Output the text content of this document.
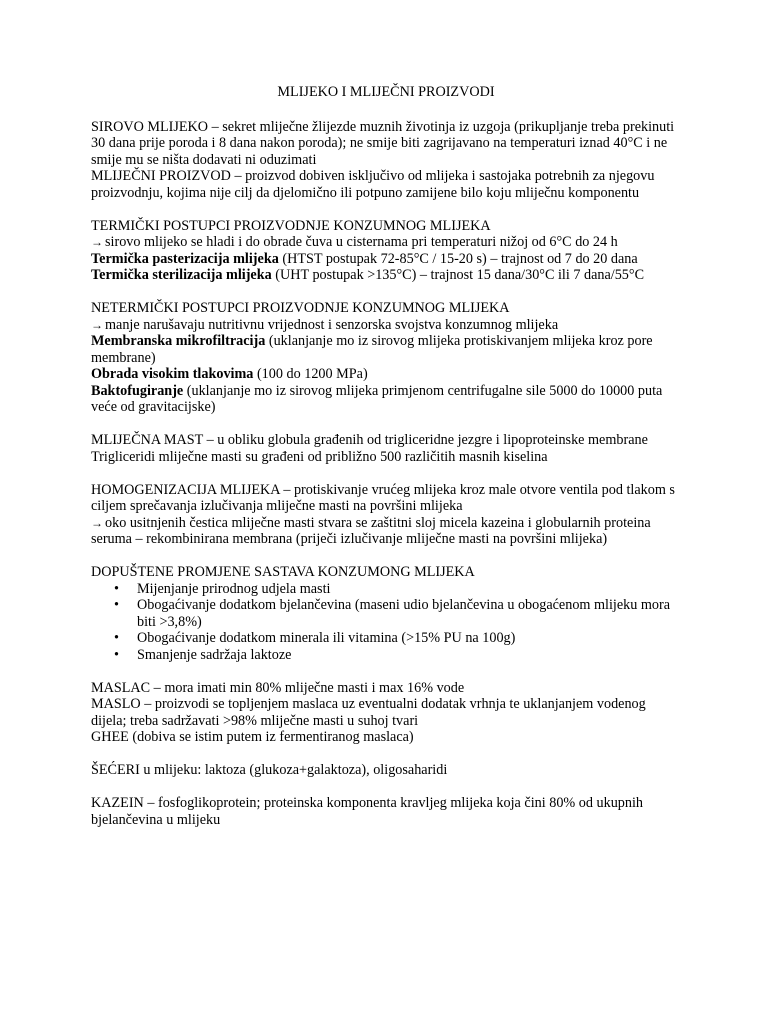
MLIJEKO I MLIJEČNI PROIZVODI

SIROVO MLIJEKO – sekret mliječne žlijezde muznih životinja iz uzgoja (prikupljanje treba prekinuti 30 dana prije poroda i 8 dana nakon poroda); ne smije biti zagrijavano na temperaturi iznad 40°C i ne smije mu se ništa dodavati ni oduzimati

MLIJEČNI PROIZVOD – proizvod dobiven isključivo od mlijeka i sastojaka potrebnih za njegovu proizvodnju, kojima nije cilj da djelomično ili potpuno zamijene bilo koju mliječnu komponentu

TERMIČKI POSTUPCI PROIZVODNJE KONZUMNOG MLIJEKA

→ sirovo mlijeko se hladi i do obrade čuva u cisternama pri temperaturi nižoj od 6°C do 24 h

Termička pasterizacija mlijeka (HTST postupak 72-85°C / 15-20 s) – trajnost od 7 do 20 dana

Termička sterilizacija mlijeka (UHT postupak >135°C) – trajnost 15 dana/30°C ili 7 dana/55°C

NETERMIČKI POSTUPCI PROIZVODNJE KONZUMNOG MLIJEKA

→ manje narušavaju nutritivnu vrijednost i senzorska svojstva konzumnog mlijeka

Membranska mikrofiltracija (uklanjanje mo iz sirovog mlijeka protiskivanjem mlijeka kroz pore membrane)

Obrada visokim tlakovima (100 do 1200 MPa)

Baktofugiranje (uklanjanje mo iz sirovog mlijeka primjenom centrifugalne sile 5000 do 10000 puta veće od gravitacijske)

MLIJEČNA MAST – u obliku globula građenih od trigliceridne jezgre i lipoproteinske membrane

Trigliceridi mliječne masti su građeni od približno 500 različitih masnih kiselina

HOMOGENIZACIJA MLIJEKA – protiskivanje vrućeg mlijeka kroz male otvore ventila pod tlakom s ciljem sprečavanja izlučivanja mliječne masti na površini mlijeka

→ oko usitnjenih čestica mliječne masti stvara se zaštitni sloj micela kazeina i globularnih proteina seruma – rekombinirana membrana (priječi izlučivanje mliječne masti na površini mlijeka)

DOPUŠTENE PROMJENE SASTAVA KONZUMONG MLIJEKA

• Mijenjanje prirodnog udjela masti
• Obogaćivanje dodatkom bjelančevina (maseni udio bjelančevina u obogaćenom mlijeku mora biti >3,8%)
• Obogaćivanje dodatkom minerala ili vitamina (>15% PU na 100g)
• Smanjenje sadržaja laktoze

MASLAC – mora imati min 80% mliječne masti i max 16% vode

MASLO – proizvodi se topljenjem maslaca uz eventualni dodatak vrhnja te uklanjanjem vodenog dijela; treba sadržavati >98% mliječne masti u suhoj tvari

GHEE (dobiva se istim putem iz fermentiranog maslaca)

ŠEĆERI u mlijeku: laktoza (glukoza+galaktoza), oligosaharidi

KAZEIN – fosfoglikoprotein; proteinska komponenta kravljeg mlijeka koja čini 80% od ukupnih bjelančevina u mlijeku
